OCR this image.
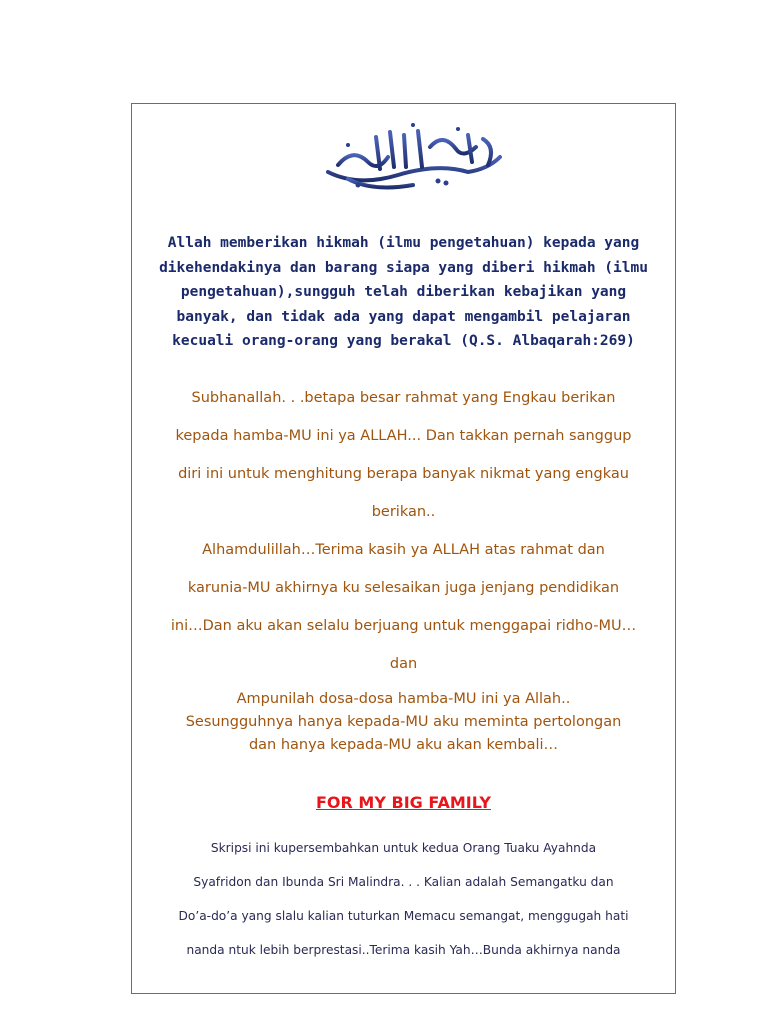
Allah memberikan hikmah (ilmu pengetahuan) kepada yang
dikehendakinya dan barang siapa yang diberi hikmah (ilmu
pengetahuan),sungguh telah diberikan kebajikan yang
banyak, dan tidak ada yang dapat mengambil pelajaran
kecuali orang-orang yang berakal (Q.S. Albaqarah:269)
Subhanallah. . .betapa besar rahmat yang Engkau berikan
kepada hamba-MU ini ya ALLAH... Dan takkan pernah sanggup
diri ini untuk menghitung berapa banyak nikmat yang engkau
berikan..
Alhamdulillah…Terima kasih ya ALLAH atas rahmat dan
karunia-MU akhirnya ku selesaikan juga jenjang pendidikan
ini…Dan aku akan selalu berjuang untuk menggapai ridho-MU…
dan
Ampunilah dosa-dosa hamba-MU ini ya Allah..
Sesungguhnya hanya kepada-MU aku meminta pertolongan
dan hanya kepada-MU aku akan kembali…
FOR MY BIG FAMILY
Skripsi ini kupersembahkan untuk kedua Orang Tuaku Ayahnda
Syafridon dan Ibunda Sri Malindra. . . Kalian adalah Semangatku dan
Do’a-do’a yang slalu kalian tuturkan Memacu semangat, menggugah hati
nanda ntuk lebih berprestasi..Terima kasih Yah…Bunda akhirnya nanda
